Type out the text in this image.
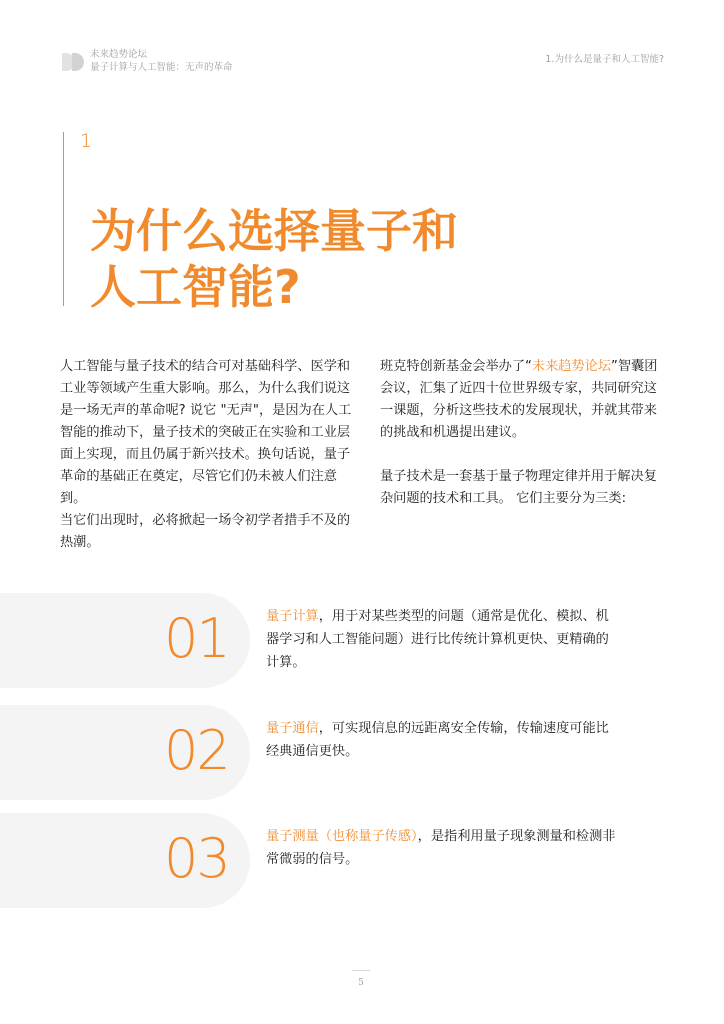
未来趋势论坛
量子计算与人工智能：无声的革命
1.为什么是量子和人工智能?
1
为什么选择量子和
人工智能?

人工智能与量子技术的结合可对基础科学、医学和工业等领域产生重大影响。那么，为什么我们说这是一场无声的革命呢? 说它 "无声"，是因为在人工智能的推动下，量子技术的突破正在实验和工业层面上实现，而且仍属于新兴技术。换句话说，量子革命的基础正在奠定，尽管它们仍未被人们注意到。

当它们出现时，必将掀起一场令初学者措手不及的热潮。

班克特创新基金会举办了“未来趋势论坛”智囊团会议，汇集了近四十位世界级专家，共同研究这一课题，分析这些技术的发展现状，并就其带来的挑战和机遇提出建议。

量子技术是一套基于量子物理定律并用于解决复杂问题的技术和工具。 它们主要分为三类:

01	量子计算，用于对某些类型的问题（通常是优化、模拟、机器学习和人工智能问题）进行比传统计算机更快、更精确的计算。
02	量子通信，可实现信息的远距离安全传输，传输速度可能比经典通信更快。
03	量子测量（也称量子传感），是指利用量子现象测量和检测非常微弱的信号。
5
